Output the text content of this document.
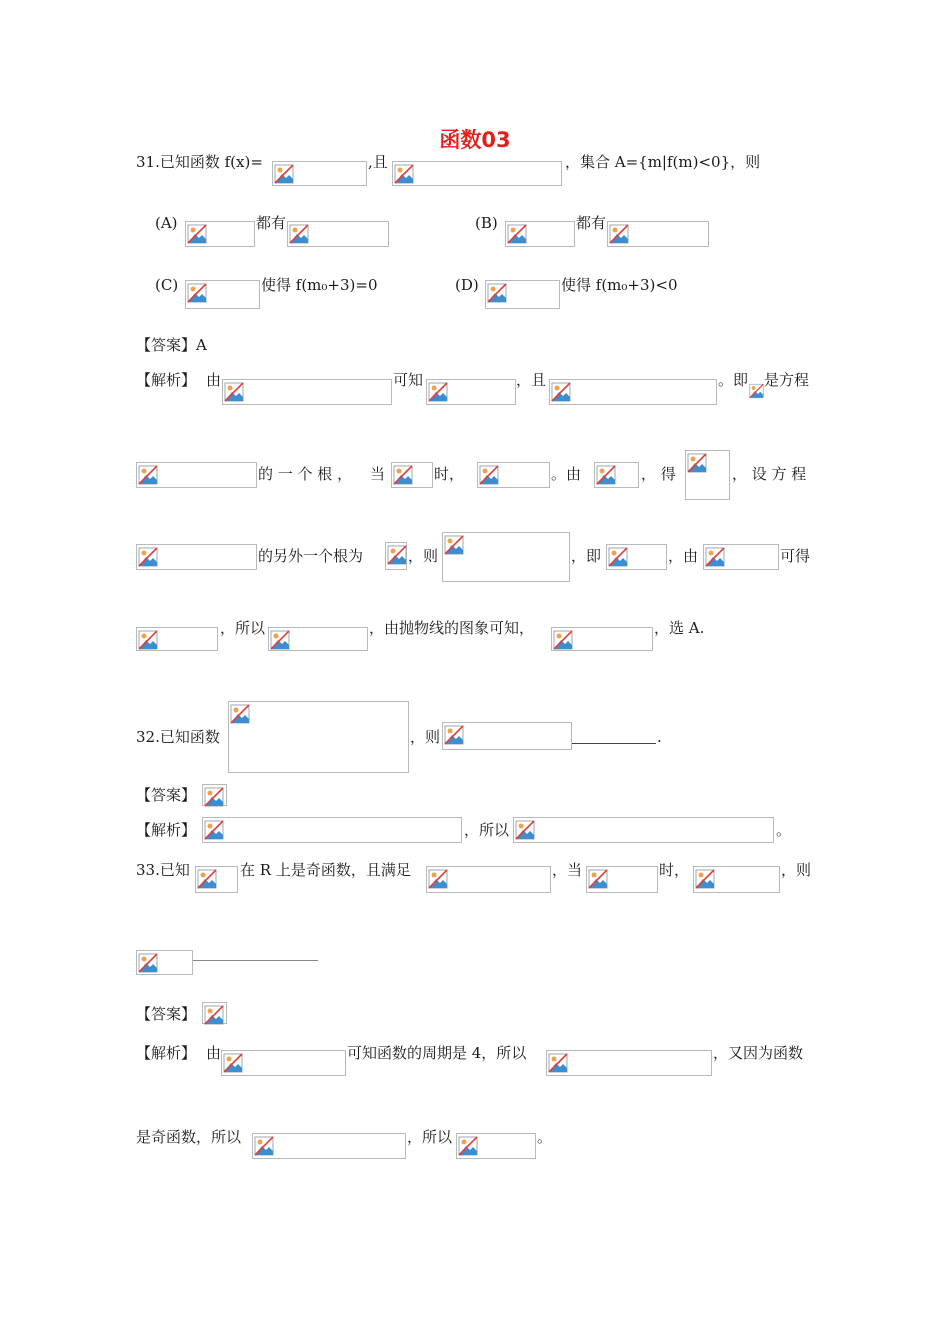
函数03
31.已知函数 f(x)=	,且	，集合 A={m|f(m)<0}，则
(A)	都有	(B)	都有
(C)	使得 f(m₀+3)=0	(D)	使得 f(m₀+3)<0
【答案】A
【解析】 由	可知	，且	。即 是方程
的 一 个 根 ， 当	时，	。由	， 得	， 设 方 程
的另外一个根为	，则	，即	，由	可得
，所以	，由抛物线的图象可知，	，选 A.
32.已知函数	，则	.
【答案】
【解析】	，所以	。
33.已知	在 R 上是奇函数，且满足	，当	时，	，则
【答案】
【解析】 由	可知函数的周期是 4，所以	，又因为函数
是奇函数，所以	，所以	。
